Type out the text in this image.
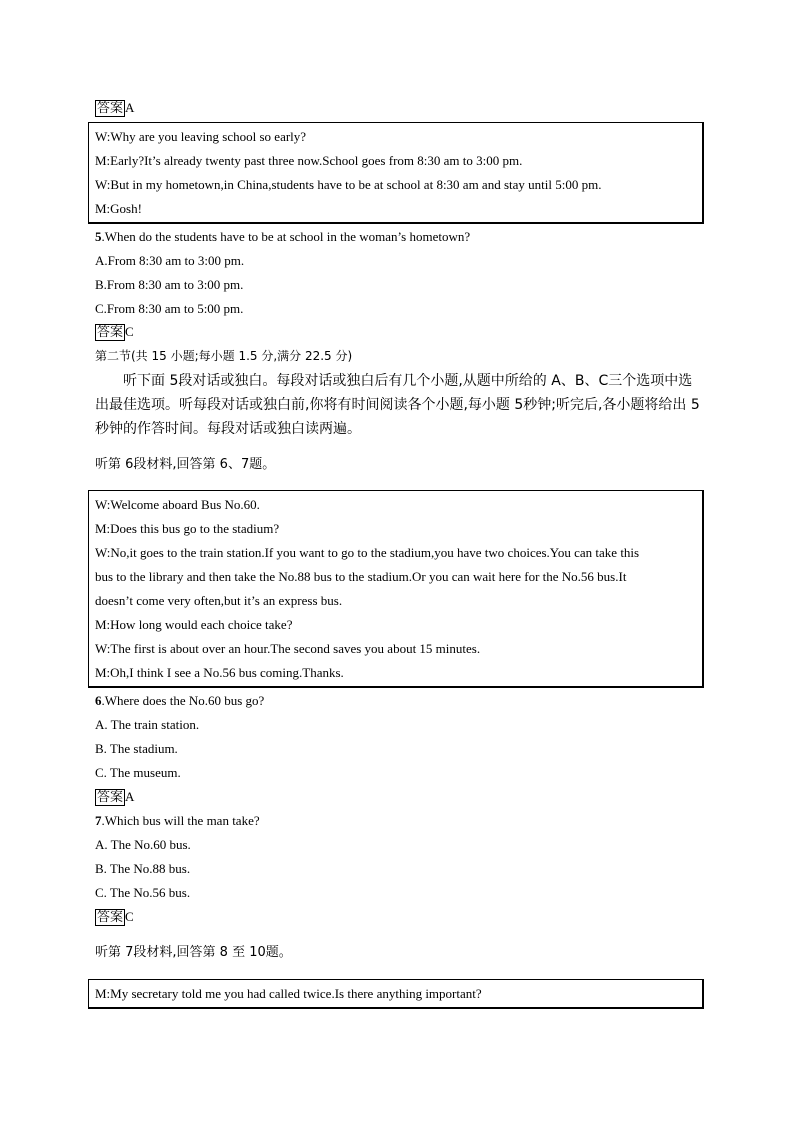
答案 A
W:Why are you leaving school so early?
M:Early?It’s already twenty past three now.School goes from 8:30 am to 3:00 pm.
W:But in my hometown,in China,students have to be at school at 8:30 am and stay until 5:00 pm.
M:Gosh!
5.When do the students have to be at school in the woman’s hometown?
A.From 8:30 am to 3:00 pm.
B.From 8:30 am to 3:00 pm.
C.From 8:30 am to 5:00 pm.
答案 C
第二节(共 15 小题;每小题 1.5 分,满分 22.5 分)
听下面 5段对话或独白。每段对话或独白后有几个小题,从题中所给的 A、B、C三个选项中选出最佳选项。听每段对话或独白前,你将有时间阅读各个小题,每小题 5秒钟;听完后,各小题将给出 5秒钟的作答时间。每段对话或独白读两遍。
听第 6段材料,回答第 6、7题。
W:Welcome aboard Bus No.60.
M:Does this bus go to the stadium?
W:No,it goes to the train station.If you want to go to the stadium,you have two choices.You can take this
bus to the library and then take the No.88 bus to the stadium.Or you can wait here for the No.56 bus.It
doesn’t come very often,but it’s an express bus.
M:How long would each choice take?
W:The first is about over an hour.The second saves you about 15 minutes.
M:Oh,I think I see a No.56 bus coming.Thanks.
6.Where does the No.60 bus go?
A. The train station.
B. The stadium.
C. The museum.
答案 A
7.Which bus will the man take?
A. The No.60 bus.
B. The No.88 bus.
C. The No.56 bus.
答案 C
听第 7段材料,回答第 8 至 10题。
M:My secretary told me you had called twice.Is there anything important?
